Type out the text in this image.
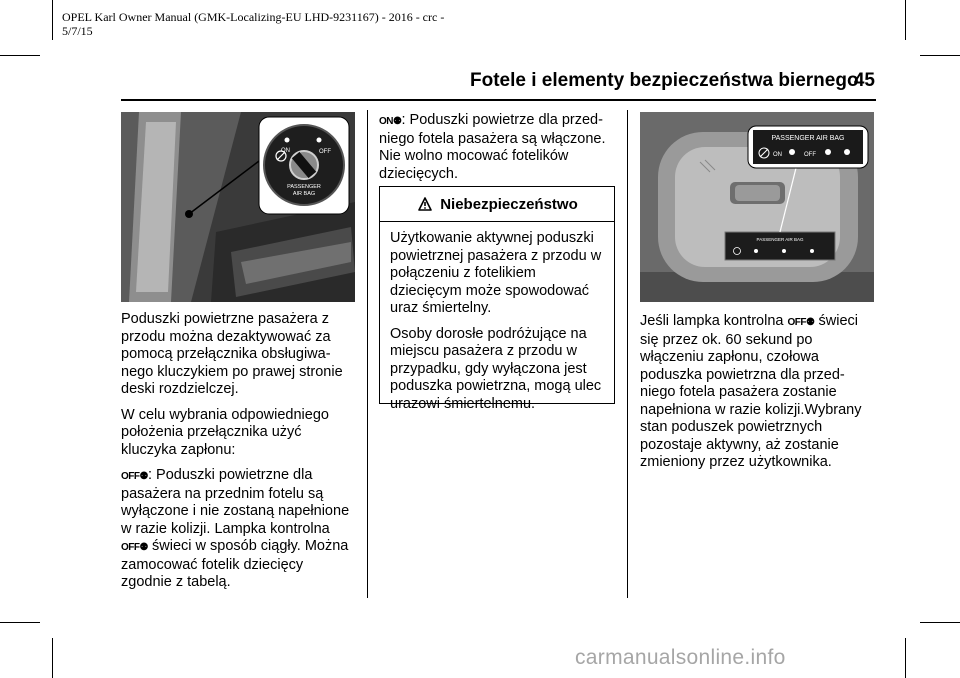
OPEL Karl Owner Manual (GMK-Localizing-EU LHD-9231167) - 2016 - crc -
5/7/15
Fotele i elementy bezpieczeństwa biernego
45
ON	OFF
PASSENGER
AIR BAG

Poduszki powietrzne pasażera z
przodu można dezaktywować za
pomocą przełącznika obsługiwa-
nego kluczykiem po prawej stronie
deski rozdzielczej.

W celu wybrania odpowiedniego
położenia przełącznika użyć
kluczyka zapłonu:

OFF⚉: Poduszki powietrzne dla
pasażera na przednim fotelu są
wyłączone i nie zostaną napełnione
w razie kolizji. Lampka kontrolna
OFF⚉ świeci w sposób ciągły. Można
zamocować fotelik dziecięcy
zgodnie z tabelą.

ON⚉: Poduszki powietrze dla przed-
niego fotela pasażera są włączone.
Nie wolno mocować fotelików
dziecięcych.

Niebezpieczeństwo

Użytkowanie aktywnej poduszki
powietrznej pasażera z przodu w
połączeniu z fotelikiem
dziecięcym może spowodować
uraz śmiertelny.

Osoby dorosłe podróżujące na
miejscu pasażera z przodu w
przypadku, gdy wyłączona jest
poduszka powietrzna, mogą ulec
urazowi śmiertelnemu.

PASSENGER AIR BAG
PASSENGER AIR BAG
ON	OFF

Jeśli lampka kontrolna OFF⚉ świeci
się przez ok. 60 sekund po
włączeniu zapłonu, czołowa
poduszka powietrzna dla przed-
niego fotela pasażera zostanie
napełniona w razie kolizji.Wybrany
stan poduszek powietrznych
pozostaje aktywny, aż zostanie
zmieniony przez użytkownika.

carmanualsonline.info
